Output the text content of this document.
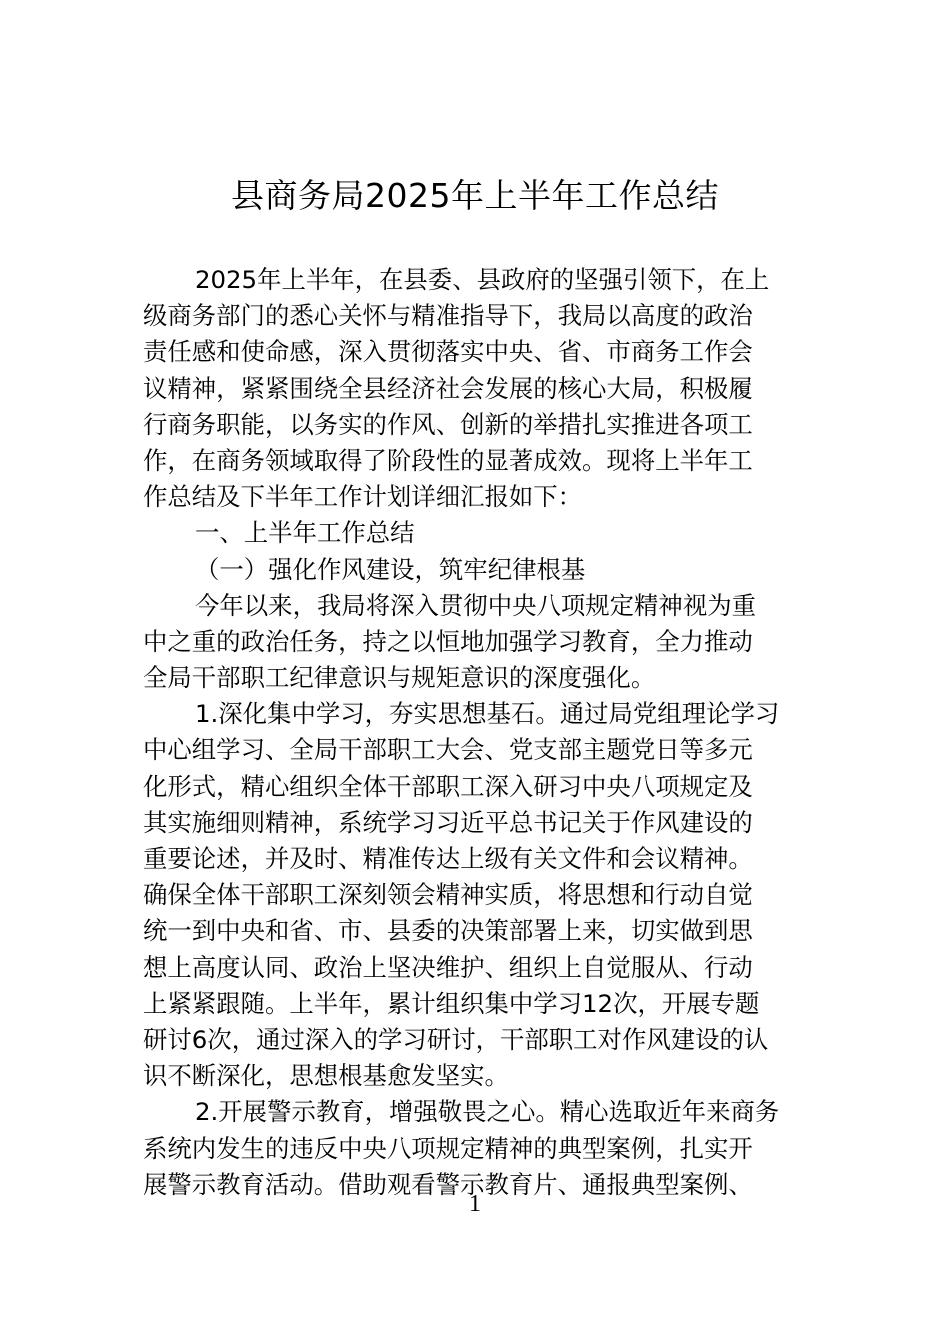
县商务局2025年上半年工作总结
2025年上半年，在县委、县政府的坚强引领下，在上
级商务部门的悉心关怀与精准指导下，我局以高度的政治
责任感和使命感，深入贯彻落实中央、省、市商务工作会
议精神，紧紧围绕全县经济社会发展的核心大局，积极履
行商务职能，以务实的作风、创新的举措扎实推进各项工
作，在商务领域取得了阶段性的显著成效。现将上半年工
作总结及下半年工作计划详细汇报如下：
一、上半年工作总结
（一）强化作风建设，筑牢纪律根基
今年以来，我局将深入贯彻中央八项规定精神视为重
中之重的政治任务，持之以恒地加强学习教育，全力推动
全局干部职工纪律意识与规矩意识的深度强化。
1.深化集中学习，夯实思想基石。通过局党组理论学习
中心组学习、全局干部职工大会、党支部主题党日等多元
化形式，精心组织全体干部职工深入研习中央八项规定及
其实施细则精神，系统学习习近平总书记关于作风建设的
重要论述，并及时、精准传达上级有关文件和会议精神。
确保全体干部职工深刻领会精神实质，将思想和行动自觉
统一到中央和省、市、县委的决策部署上来，切实做到思
想上高度认同、政治上坚决维护、组织上自觉服从、行动
上紧紧跟随。上半年，累计组织集中学习12次，开展专题
研讨6次，通过深入的学习研讨，干部职工对作风建设的认
识不断深化，思想根基愈发坚实。
2.开展警示教育，增强敬畏之心。精心选取近年来商务
系统内发生的违反中央八项规定精神的典型案例，扎实开
展警示教育活动。借助观看警示教育片、通报典型案例、
1
